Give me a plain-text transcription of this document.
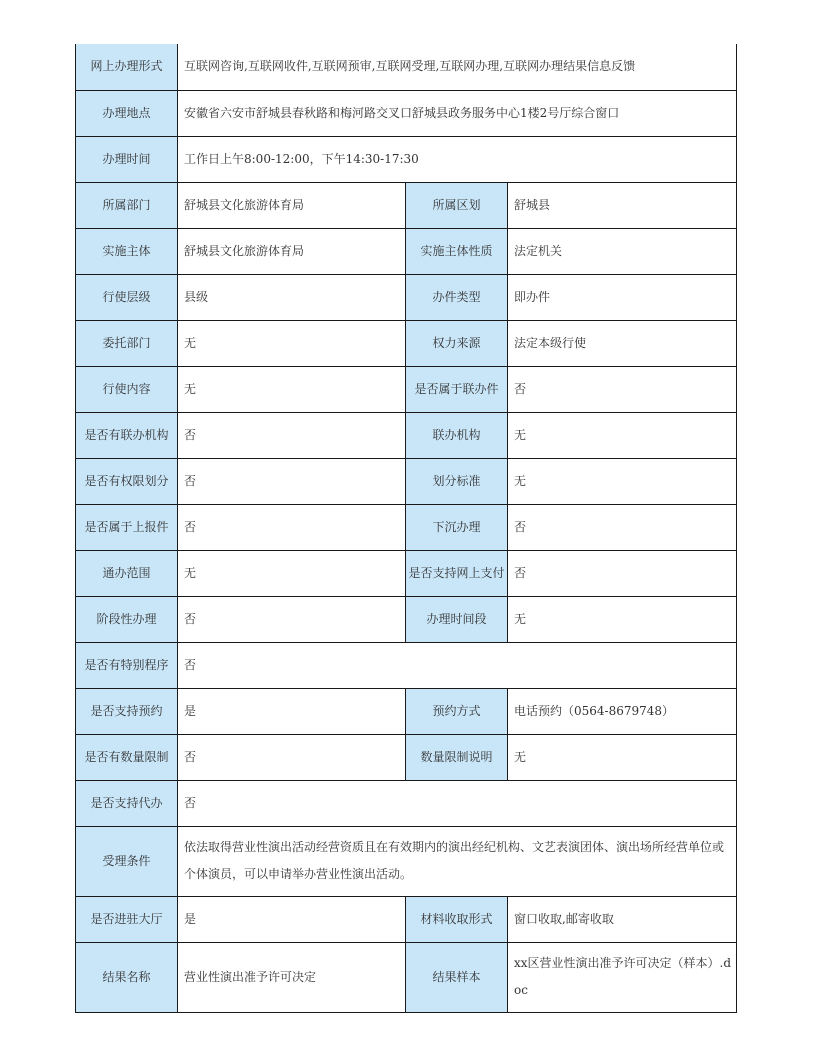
网上办理形式	互联网咨询,互联网收件,互联网预审,互联网受理,互联网办理,互联网办理结果信息反馈		
办理地点	安徽省六安市舒城县春秋路和梅河路交叉口舒城县政务服务中心1楼2号厅综合窗口		
办理时间	工作日上午8:00-12:00，下午14:30-17:30		
所属部门	舒城县文化旅游体育局	所属区划	舒城县
实施主体	舒城县文化旅游体育局	实施主体性质	法定机关
行使层级	县级	办件类型	即办件
委托部门	无	权力来源	法定本级行使
行使内容	无	是否属于联办件	否
是否有联办机构	否	联办机构	无
是否有权限划分	否	划分标准	无
是否属于上报件	否	下沉办理	否
通办范围	无	是否支持网上支付	否
阶段性办理	否	办理时间段	无
是否有特别程序	否		
是否支持预约	是	预约方式	电话预约（0564-8679748）
是否有数量限制	否	数量限制说明	无
是否支持代办	否		
受理条件	依法取得营业性演出活动经营资质且在有效期内的演出经纪机构、文艺表演团体、演出场所经营单位或个体演员，可以申请举办营业性演出活动。		
是否进驻大厅	是	材料收取形式	窗口收取,邮寄收取
结果名称	营业性演出准予许可决定	结果样本	xx区营业性演出准予许可决定（样本）.doc
